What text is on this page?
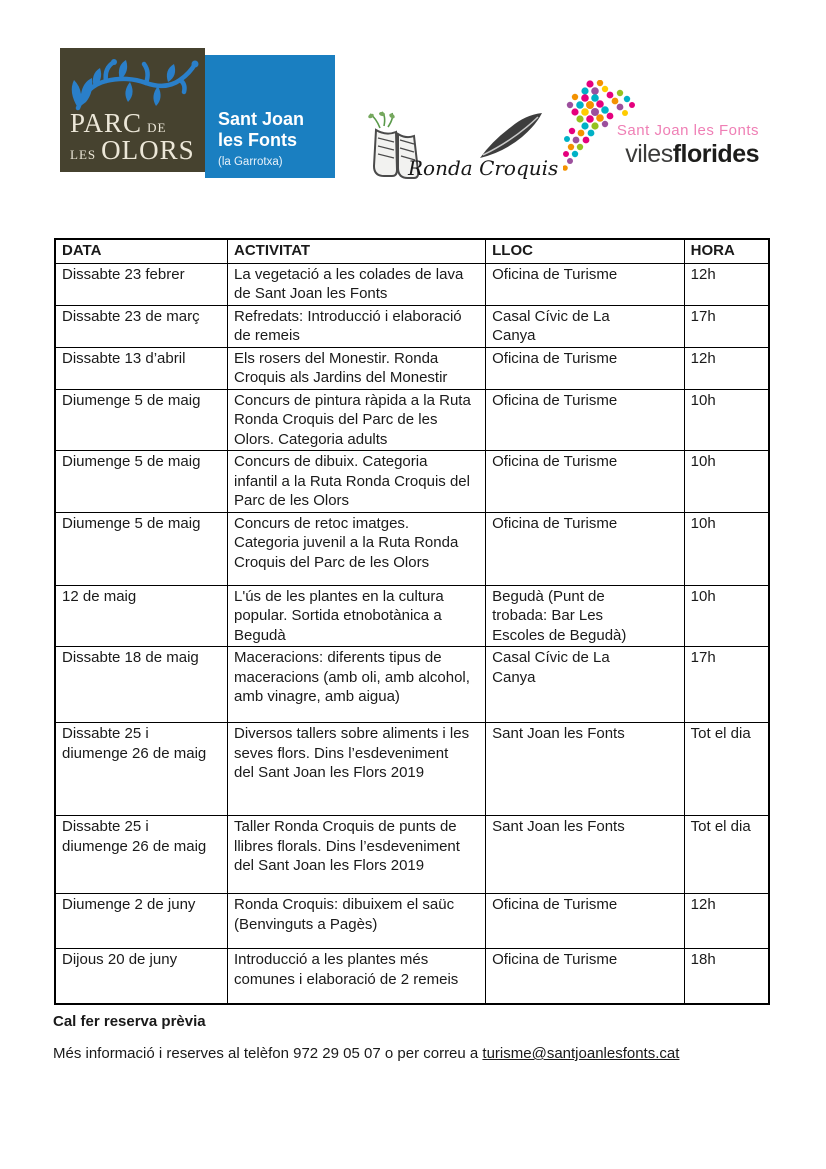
PARC DE
LES OLORS
Sant Joan
les Fonts
(la Garrotxa)	Ronda Croquis
Sant Joan les Fonts
vilesflorides
DATA	ACTIVITAT	LLOC	HORA
Dissabte 23 febrer	La vegetació a les colades de lava de Sant Joan les Fonts	Oficina de Turisme	12h
Dissabte 23 de març	Refredats: Introducció i elaboració de remeis	Casal Cívic de La Canya	17h
Dissabte 13 d’abril	Els rosers del Monestir. Ronda Croquis als Jardins del Monestir	Oficina de Turisme	12h
Diumenge 5 de maig	Concurs de pintura ràpida a la Ruta Ronda Croquis del Parc de les Olors. Categoria adults	Oficina de Turisme	10h
Diumenge 5 de maig	Concurs de dibuix. Categoria infantil a la Ruta Ronda Croquis del Parc de les Olors	Oficina de Turisme	10h
Diumenge 5 de maig	Concurs de retoc imatges. Categoria juvenil a la Ruta Ronda Croquis del Parc de les Olors	Oficina de Turisme	10h
12 de maig	L'ús de les plantes en la cultura popular. Sortida etnobotànica a Begudà	Begudà (Punt de trobada: Bar Les Escoles de Begudà)	10h
Dissabte 18 de maig	Maceracions: diferents tipus de maceracions (amb oli, amb alcohol, amb vinagre, amb aigua)	Casal Cívic de La Canya	17h
Dissabte 25 i diumenge 26 de maig	Diversos tallers sobre aliments i les seves flors. Dins l’esdeveniment del Sant Joan les Flors 2019	Sant Joan les Fonts	Tot el dia
Dissabte 25 i diumenge 26 de maig	Taller Ronda Croquis de punts de llibres florals. Dins l’esdeveniment del Sant Joan les Flors 2019	Sant Joan les Fonts	Tot el dia
Diumenge 2 de juny	Ronda Croquis: dibuixem el saüc (Benvinguts a Pagès)	Oficina de Turisme	12h
Dijous 20 de juny	Introducció a les plantes més comunes i elaboració de 2 remeis	Oficina de Turisme	18h

Cal fer reserva prèvia

Més informació i reserves al telèfon 972 29 05 07 o per correu a turisme@santjoanlesfonts.cat
